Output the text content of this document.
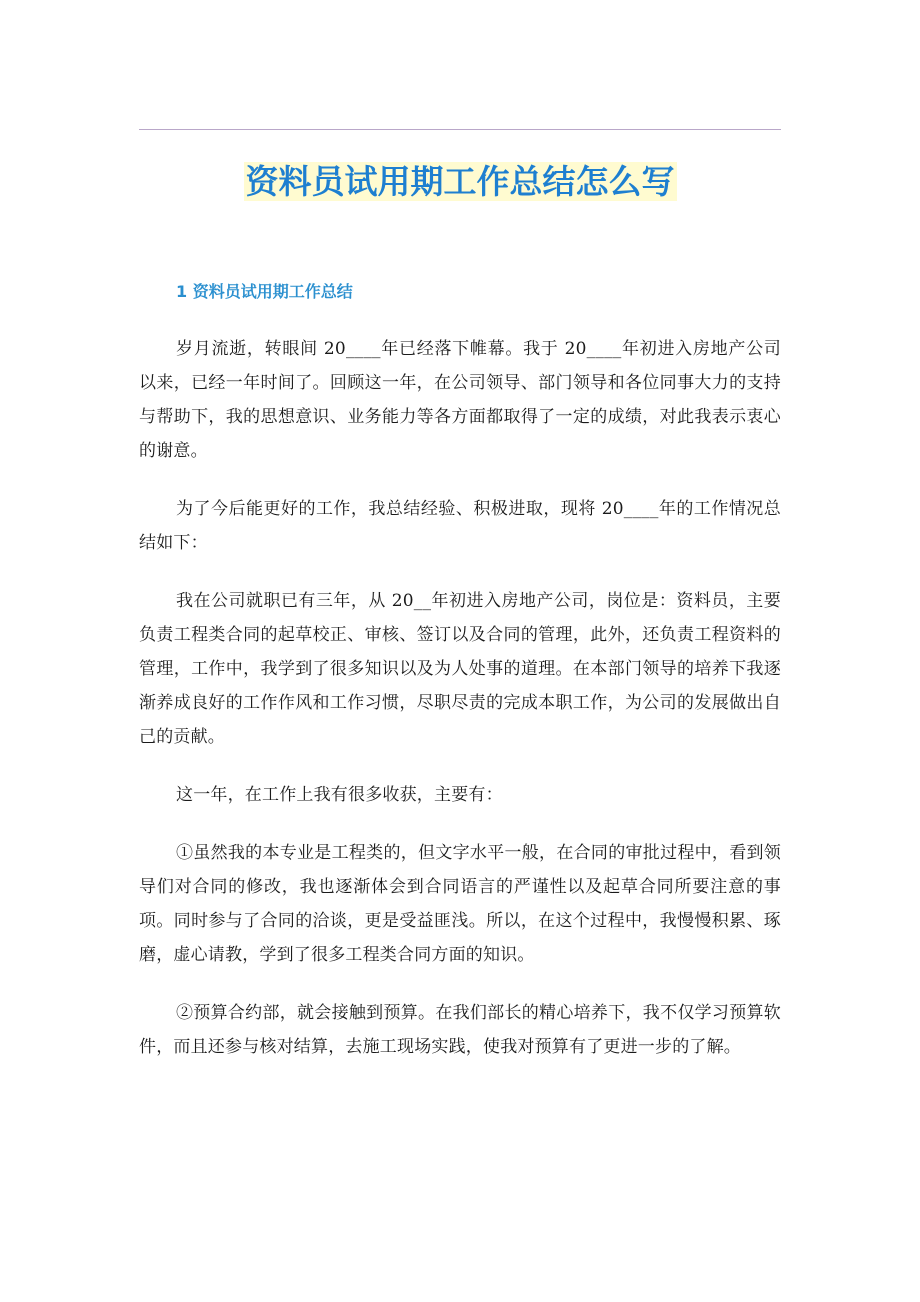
资料员试用期工作总结怎么写
1 资料员试用期工作总结

岁月流逝，转眼间 20____年已经落下帷幕。我于 20____年初进入房地产公司以来，已经一年时间了。回顾这一年，在公司领导、部门领导和各位同事大力的支持与帮助下，我的思想意识、业务能力等各方面都取得了一定的成绩，对此我表示衷心的谢意。

为了今后能更好的工作，我总结经验、积极进取，现将 20____年的工作情况总结如下：

我在公司就职已有三年，从 20__年初进入房地产公司，岗位是：资料员，主要负责工程类合同的起草校正、审核、签订以及合同的管理，此外，还负责工程资料的管理，工作中，我学到了很多知识以及为人处事的道理。在本部门领导的培养下我逐渐养成良好的工作作风和工作习惯，尽职尽责的完成本职工作，为公司的发展做出自己的贡献。

这一年，在工作上我有很多收获，主要有：

①虽然我的本专业是工程类的，但文字水平一般，在合同的审批过程中，看到领导们对合同的修改，我也逐渐体会到合同语言的严谨性以及起草合同所要注意的事项。同时参与了合同的洽谈，更是受益匪浅。所以，在这个过程中，我慢慢积累、琢磨，虚心请教，学到了很多工程类合同方面的知识。

②预算合约部，就会接触到预算。在我们部长的精心培养下，我不仅学习预算软件，而且还参与核对结算，去施工现场实践，使我对预算有了更进一步的了解。
